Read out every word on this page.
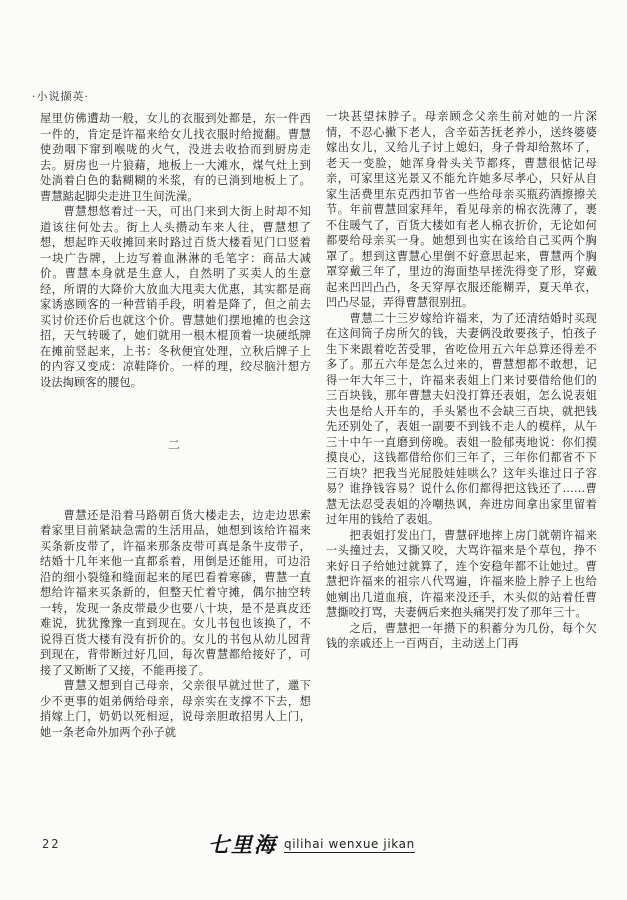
·小说撷英·

屋里仿佛遭劫一般，女儿的衣服到处都是，东一件西一件的，肯定是许福来给女儿找衣服时给搅翻。曹慧使劲咽下窜到喉咙的火气，没进去收拾而到厨房走去。厨房也一片狼藉，地板上一大滩水，煤气灶上到处淌着白色的黏糊糊的米浆，有的已淌到地板上了。曹慧踮起脚尖走进卫生间洗澡。

曹慧想悠着过一天，可出门来到大街上时却不知道该往何处去。街上人头攒动车来人往，曹慧想了想，想起昨天收摊回来时路过百货大楼看见门口竖着一块广告牌，上边写着血淋淋的毛笔字：商品大减价。曹慧本身就是生意人，自然明了买卖人的生意经，所谓的大降价大放血大甩卖大优惠，其实都是商家诱惑顾客的一种营销手段，明着是降了，但之前去买讨价还价后也就这个价。曹慧她们摆地摊的也会这招，天气转暖了，她们就用一根木棍顶着一块硬纸牌在摊前竖起来，上书：冬秋便宜处理，立秋后牌子上的内容又变成：凉鞋降价。一样的理，绞尽脑汁想方设法掏顾客的腰包。

二

曹慧还是沿着马路朝百货大楼走去，边走边思索着家里目前紧缺急需的生活用品，她想到该给许福来买条新皮带了，许福来那条皮带可真是条牛皮带子，结婚十几年来他一直都系着，用倒是还能用，可边沿沿的细小裂缝和缝面起来的尾巴看着寒碜，曹慧一直想给许福来买条新的，但整天忙着守摊，偶尔抽空转一转，发现一条皮带最少也要八十块，是不是真皮还难说，犹犹豫豫一直到现在。女儿书包也该换了，不说得百货大楼有没有折价的。女儿的书包从幼儿园背到现在，背带断过好几回，每次曹慧都给接好了，可接了又断断了又接，不能再接了。

曹慧又想到自己母亲，父亲很早就过世了，邋下少不更事的姐弟俩给母亲，母亲实在支撑不下去，想捎嫁上门，奶奶以死相逗，说母亲胆敢招男人上门，她一条老命外加两个孙子就

一块甚望抹脖子。母亲顾念父亲生前对她的一片深情，不忍心撇下老人，含辛茹苦抚老养小，送终婆婆嫁出女儿，又给儿子讨上媳妇，身子骨却给熬坏了，老天一变脸，她浑身骨头关节都疼，曹慧很惦记母亲，可家里这光景又不能允许她多尽孝心，只好从自家生活费里东克西扣节省一些给母亲买瓶药酒擦擦关节。年前曹慧回家拜年，看见母亲的棉衣洗薄了，裹不住暖气了，百货大楼如有老人棉衣折价，无论如何都要给母亲买一身。她想到也实在该给自己买两个胸罩了。想到这曹慧心里倒不好意思起来，曹慧两个胸罩穿戴三年了，里边的海面垫早搓洗得变了形，穿戴起来凹凹凸凸，冬天穿厚衣服还能糊弄，夏天单衣，凹凸尽显，弄得曹慧很别扭。

曹慧二十三岁嫁给许福来，为了还清结婚时买现在这间筒子房所欠的钱，夫妻俩没敢要孩子，怕孩子生下来跟着吃苦受罪，省吃俭用五六年总算还得差不多了。那五六年是怎么过来的，曹慧想都不敢想，记得一年大年三十，许福来表姐上门来讨要借给他们的三百块钱，那年曹慧夫妇没打算还表姐，怎么说表姐夫也是给人开车的，手头紧也不会缺三百块，就把钱先还别处了，表姐一副要不到钱不走人的模样，从午三十中午一直磨到傍晚。表姐一脸郁夷地说：你们摸摸良心，这钱都借给你们三年了，三年你们都省不下三百块？把我当光屁股娃娃哄么？这年头谁过日子容易？谁挣钱容易？说什么你们都得把这钱还了……曹慧无法忍受表姐的冷嘲热讽，奔进房间拿出家里留着过年用的钱给了表姐。

把表姐打发出门，曹慧砰地摔上房门就朝许福来一头撞过去，又撕又咬，大骂许福来是个草包，挣不来好日子给她过就算了，连个安稳年都不让她过。曹慧把许福来的祖宗八代骂遍，许福来脸上脖子上也给她剜出几道血痕，许福来没还手，木头似的站着任曹慧撕咬打骂，夫妻俩后来抱头痛哭打发了那年三十。

之后，曹慧把一年攒下的积蓄分为几份，每个欠钱的亲戚还上一百两百，主动送上门再

22	七里海 qilihai wenxue jikan
